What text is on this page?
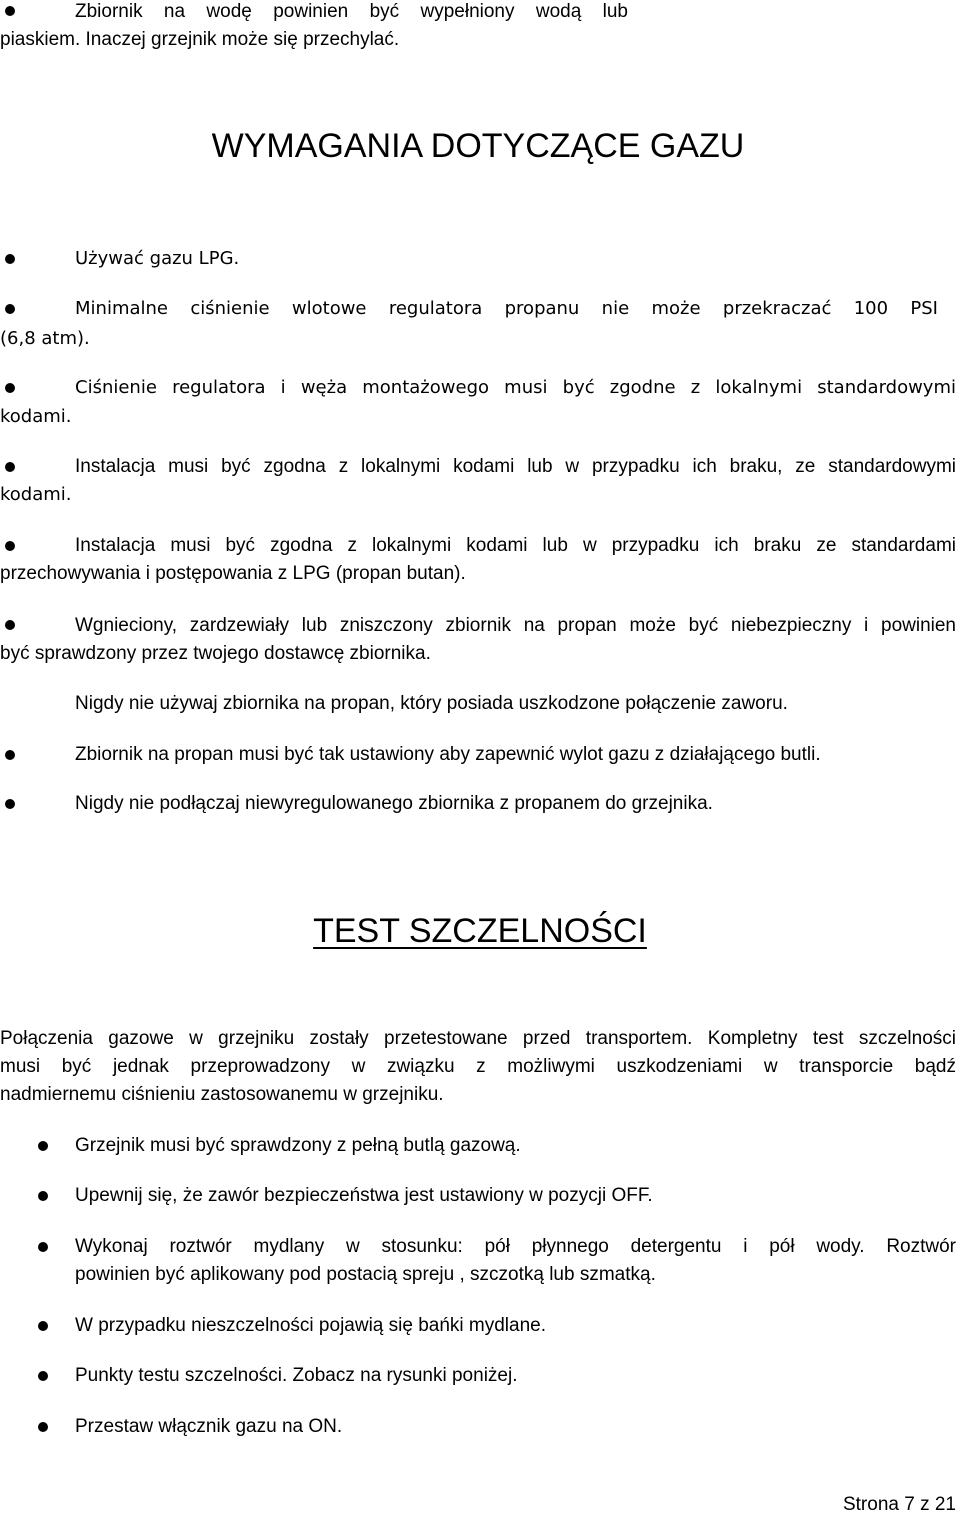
Zbiornik na wodę powinien być wypełniony wodą lub
piaskiem. Inaczej grzejnik może się przechylać.
WYMAGANIA DOTYCZĄCE GAZU
Używać gazu LPG.
Minimalne ciśnienie wlotowe regulatora propanu nie może przekraczać 100 PSI
(6,8 atm).
Ciśnienie regulatora i węża montażowego musi być zgodne z lokalnymi standardowymi
kodami.
Instalacja musi być zgodna z lokalnymi kodami lub w przypadku ich braku, ze standardowymi
kodami.
Instalacja musi być zgodna z lokalnymi kodami lub w przypadku ich braku ze standardami
przechowywania i postępowania z LPG (propan butan).
Wgnieciony, zardzewiały lub zniszczony zbiornik na propan może być niebezpieczny i powinien
być sprawdzony przez twojego dostawcę zbiornika.
Nigdy nie używaj zbiornika na propan, który posiada uszkodzone połączenie zaworu.
Zbiornik na propan musi być tak ustawiony aby zapewnić wylot gazu z działającego butli.
Nigdy nie podłączaj niewyregulowanego zbiornika z propanem do grzejnika.
TEST SZCZELNOŚCI
Połączenia gazowe w grzejniku zostały przetestowane przed transportem. Kompletny test szczelności
musi być jednak przeprowadzony w związku z możliwymi uszkodzeniami w transporcie bądź
nadmiernemu ciśnieniu zastosowanemu w grzejniku.
Grzejnik musi być sprawdzony z pełną butlą gazową.
Upewnij się, że zawór bezpieczeństwa jest ustawiony w pozycji OFF.
Wykonaj roztwór mydlany w stosunku: pół płynnego detergentu i pół wody. Roztwór
powinien być aplikowany pod postacią spreju , szczotką lub szmatką.
W przypadku nieszczelności pojawią się bańki mydlane.
Punkty testu szczelności. Zobacz na rysunki poniżej.
Przestaw włącznik gazu na ON.
Strona 7 z 21
